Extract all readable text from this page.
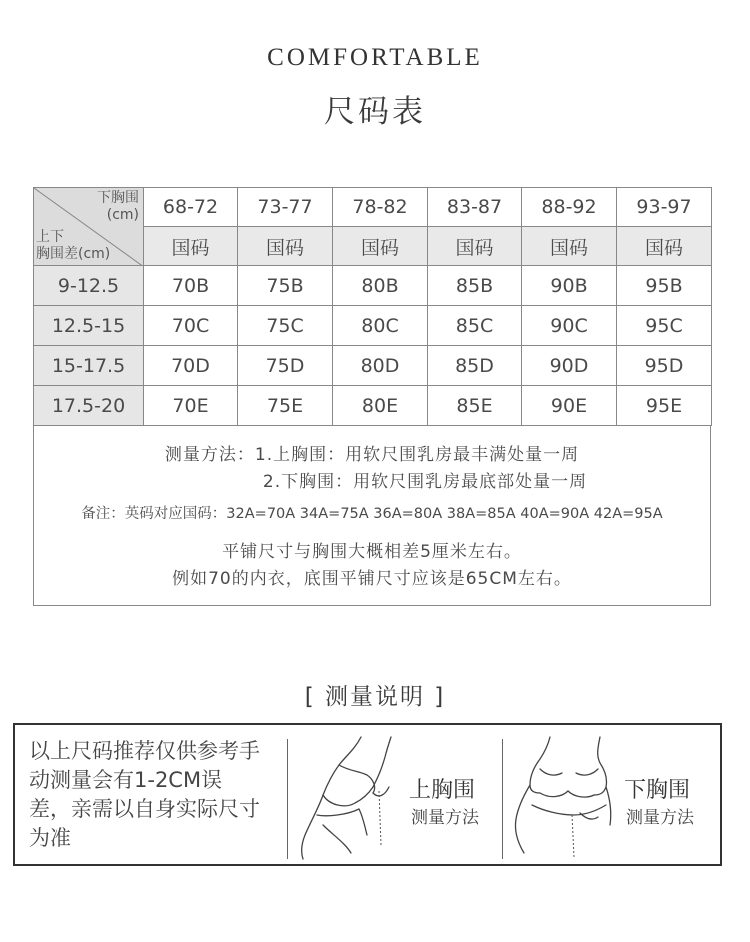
COMFORTABLE
尺码表
下胸围
(cm)
上下
胸围差(cm)	68-72	73-77	78-82	83-87	88-92	93-97
	国码	国码	国码	国码	国码	国码
9-12.5	70B	75B	80B	85B	90B	95B
12.5-15	70C	75C	80C	85C	90C	95C
15-17.5	70D	75D	80D	85D	90D	95D
17.5-20	70E	75E	80E	85E	90E	95E
测量方法：1.上胸围：用软尺围乳房最丰满处量一周
2.下胸围：用软尺围乳房最底部处量一周
备注：英码对应国码：32A=70A 34A=75A 36A=80A 38A=85A 40A=90A 42A=95A
平铺尺寸与胸围大概相差5厘米左右。
例如70的内衣，底围平铺尺寸应该是65CM左右。
[ 测量说明 ]
以上尺码推荐仅供参考手
动测量会有1-2CM误
差，亲需以自身实际尺寸
为准
上胸围
测量方法
下胸围
测量方法
